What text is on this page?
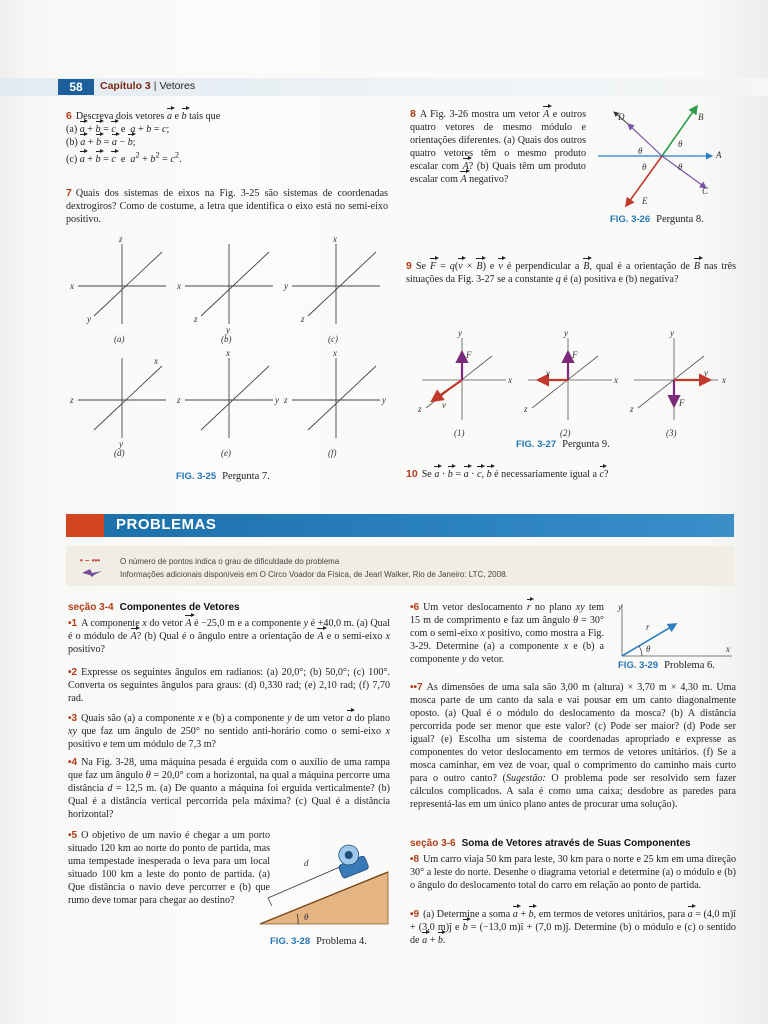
58	Capítulo 3 | Vetores
6 Descreva dois vetores a e b tais que
(a) a + b = c  e  a + b = c;
(b) a + b = a − b;
(c) a + b = c  e  $a^2 + b^2 = c^2$.
7 Quais dos sistemas de eixos na Fig. 3-25 são sistemas de coordenadas dextrogiros? Como de costume, a letra que identifica o eixo está no semi-eixo positivo.
z
x
y
(a)
x
z
y
(b)
x
y
z
(c)
z
x
y
(d)
x
z	y
(e)
x
z	y
(f)
FIG. 3-25 Pergunta 7.
8 A Fig. 3-26 mostra um vetor A e outros quatro vetores de mesmo módulo e orientações diferentes. (a) Quais dos outros quatro vetores têm o mesmo produto escalar com A? (b) Quais têm um produto escalar com A negativo?
D	B
A
C
E
θ
θ
θ	θ
FIG. 3-26 Pergunta 8.
9 Se F = q(v × B) e v é perpendicular a B, qual é a orientação de B nas três situações da Fig. 3-27 se a constante q é (a) positiva e (b) negativa?
y
x
z
F
v
(1)
y
x
z
F
v
(2)
y
x
z
F
v
(3)
FIG. 3-27 Pergunta 9.
10 Se a · b = a · c, b é necessariamente igual a c?
PROBLEMAS
• – ••• O número de pontos indica o grau de dificuldade do problema
Informações adicionais disponíveis em O Circo Voador da Física, de Jearl Walker, Rio de Janeiro: LTC, 2008.
seção 3-4 Componentes de Vetores
•1 A componente x do vetor A é −25,0 m e a componente y é +40,0 m. (a) Qual é o módulo de A? (b) Qual é o ângulo entre a orientação de A e o semi-eixo x positivo?
•2 Expresse os seguintes ângulos em radianos: (a) 20,0°; (b) 50,0°; (c) 100°. Converta os seguintes ângulos para graus: (d) 0,330 rad; (e) 2,10 rad; (f) 7,70 rad.
•3 Quais são (a) a componente x e (b) a componente y de um vetor a do plano xy que faz um ângulo de 250° no sentido anti-horário como o semi-eixo x positivo e tem um módulo de 7,3 m?
•4 Na Fig. 3-28, uma máquina pesada é erguida com o auxílio de uma rampa que faz um ângulo θ = 20,0° com a horizontal, na qual a máquina percorre uma distância d = 12,5 m. (a) De quanto a máquina foi erguida verticalmente? (b) Qual é a distância vertical percorrida pela máxima? (c) Qual é a distância horizontal?
•5 O objetivo de um navio é chegar a um porto situado 120 km ao norte do ponto de partida, mas uma tempestade inesperada o leva para um local situado 100 km a leste do ponto de partida. (a) Que distância o navio deve percorrer e (b) que rumo deve tomar para chegar ao destino?
θ
d
FIG. 3-28 Problema 4.
•6 Um vetor deslocamento r no plano xy tem 15 m de comprimento e faz um ângulo θ = 30° com o semi-eixo x positivo, como mostra a Fig. 3-29. Determine (a) a componente x e (b) a componente y do vetor.
y
x
r
θ
FIG. 3-29 Problema 6.
••7 As dimensões de uma sala são 3,00 m (altura) × 3,70 m × 4,30 m. Uma mosca parte de um canto da sala e vai pousar em um canto diagonalmente oposto. (a) Qual é o módulo do deslocamento da mosca? (b) A distância percorrida pode ser menor que este valor? (c) Pode ser maior? (d) Pode ser igual? (e) Escolha um sistema de coordenadas apropriado e expresse as componentes do vetor deslocamento em termos de vetores unitários. (f) Se a mosca caminhar, em vez de voar, qual o comprimento do caminho mais curto para o outro canto? (Sugestão: O problema pode ser resolvido sem fazer cálculos complicados. A sala é como uma caixa; desdobre as paredes para representá-las em um único plano antes de procurar uma solução).
seção 3-6 Soma de Vetores através de Suas Componentes
•8 Um carro viaja 50 km para leste, 30 km para o norte e 25 km em uma direção 30° a leste do norte. Desenhe o diagrama vetorial e determine (a) o módulo e (b) o ângulo do deslocamento total do carro em relação ao ponto de partida.
•9 (a) Determine a soma a + b, em termos de vetores unitários, para a = (4,0 m)î + (3,0 m)ĵ e b = (−13,0 m)î + (7,0 m)ĵ. Determine (b) o módulo e (c) o sentido de a + b.
